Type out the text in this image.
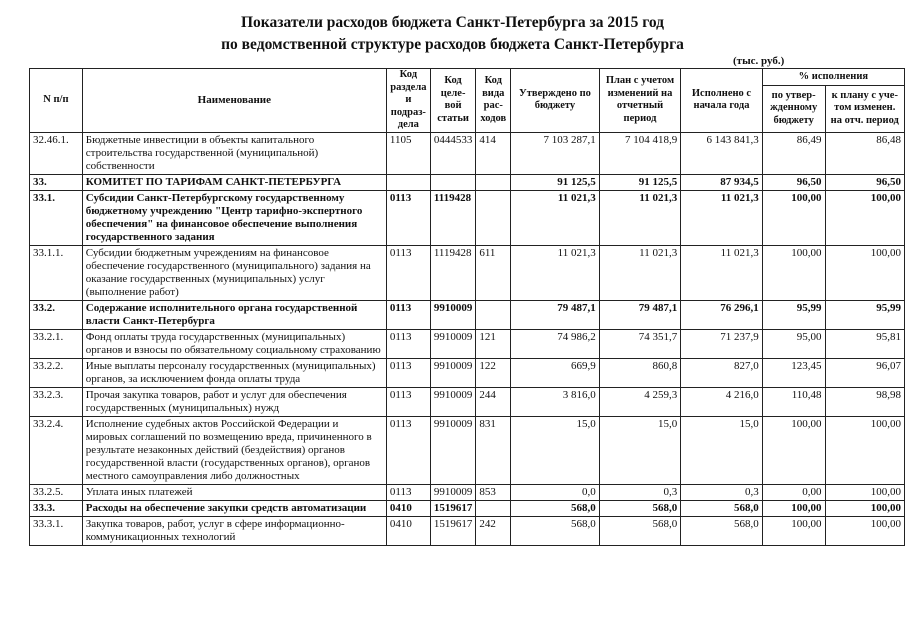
Показатели расходов бюджета Санкт-Петербурга за 2015 год
по ведомственной структуре расходов бюджета Санкт-Петербурга
(тыс. руб.)
N п/п	Наименование	Код раздела и подраз-дела	Код целе-вой статьи	Код вида рас-ходов	Утверждено по бюджету	План с учетом изменений на отчетный период	Исполнено с начала года	% исполнения	
								по утвер-жденному бюджету	к плану с уче-том изменен. на отч. период
32.46.1.	Бюджетные инвестиции в объекты капитального строительства государственной (муниципальной) собственности	1105	0444533	414	7 103 287,1	7 104 418,9	6 143 841,3	86,49	86,48
33.	КОМИТЕТ ПО ТАРИФАМ САНКТ-ПЕТЕРБУРГА				91 125,5	91 125,5	87 934,5	96,50	96,50
33.1.	Субсидии Санкт-Петербургскому государственному бюджетному учреждению "Центр тарифно-экспертного обеспечения" на финансовое обеспечение выполнения государственного задания	0113	1119428		11 021,3	11 021,3	11 021,3	100,00	100,00
33.1.1.	Субсидии бюджетным учреждениям на финансовое обеспечение государственного (муниципального) задания на оказание государственных (муниципальных) услуг (выполнение работ)	0113	1119428	611	11 021,3	11 021,3	11 021,3	100,00	100,00
33.2.	Содержание исполнительного органа государственной власти Санкт-Петербурга	0113	9910009		79 487,1	79 487,1	76 296,1	95,99	95,99
33.2.1.	Фонд оплаты труда государственных (муниципальных) органов и взносы по обязательному социальному страхованию	0113	9910009	121	74 986,2	74 351,7	71 237,9	95,00	95,81
33.2.2.	Иные выплаты персоналу государственных (муниципальных) органов, за исключением фонда оплаты труда	0113	9910009	122	669,9	860,8	827,0	123,45	96,07
33.2.3.	Прочая закупка товаров, работ и услуг для обеспечения государственных (муниципальных) нужд	0113	9910009	244	3 816,0	4 259,3	4 216,0	110,48	98,98
33.2.4.	Исполнение судебных актов Российской Федерации и мировых соглашений по возмещению вреда, причиненного в результате незаконных действий (бездействия) органов государственной власти (государственных органов), органов местного самоуправления либо должностных	0113	9910009	831	15,0	15,0	15,0	100,00	100,00
33.2.5.	Уплата иных платежей	0113	9910009	853	0,0	0,3	0,3	0,00	100,00
33.3.	Расходы на обеспечение закупки средств автоматизации	0410	1519617		568,0	568,0	568,0	100,00	100,00
33.3.1.	Закупка товаров, работ, услуг в сфере информационно-коммуникационных технологий	0410	1519617	242	568,0	568,0	568,0	100,00	100,00
